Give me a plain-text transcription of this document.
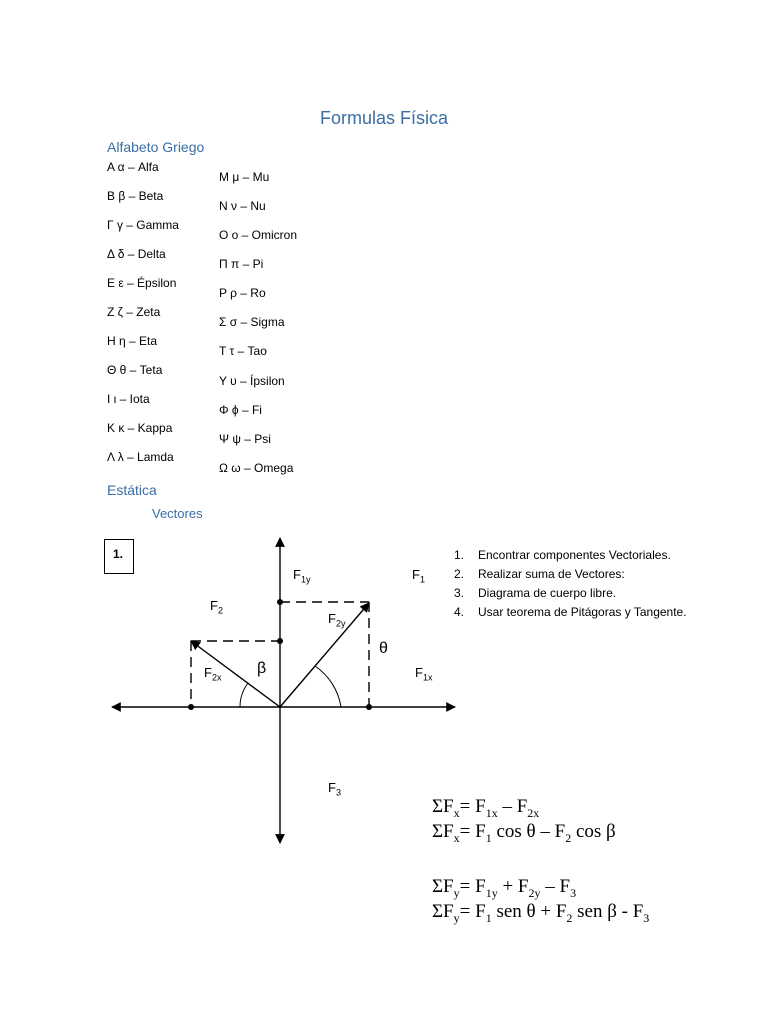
Formulas Física
Alfabeto Griego
Α α – Alfa
Β β – Beta
Γ γ – Gamma
Δ δ – Delta
Ε ε – Épsilon
Ζ ζ – Zeta
Η η – Eta
Θ θ – Teta
Ι ι – Iota
Κ κ – Kappa
Λ λ – Lamda
Μ μ – Mu
Ν ν – Nu
Ο ο – Omicron
Π π – Pi
Ρ ρ – Ro
Σ σ – Sigma
Τ τ – Tao
Υ υ – Ípsilon
Φ ϕ – Fi
Ψ ψ – Psi
Ω ω – Omega
Estática
Vectores
1.	1. Encontrar componentes Vectoriales.
2. Realizar suma de Vectores:
3. Diagrama de cuerpo libre.
4. Usar teorema de Pitágoras y Tangente.
$F_{1y}$	$F_1$
$F_2$
$F_{2y}$
θ
β
$F_{2x}$	$F_{1x}$
$F_3$
$\Sigma F_x= F_{1x} - F_{2x}$
$\Sigma F_x= F_1$ cos θ – $F_2$ cos β
$\Sigma F_y= F_{1y} + F_{2y} - F_3$
$\Sigma F_y= F_1$ sen $\theta + F_2$ sen β - $F_3$
